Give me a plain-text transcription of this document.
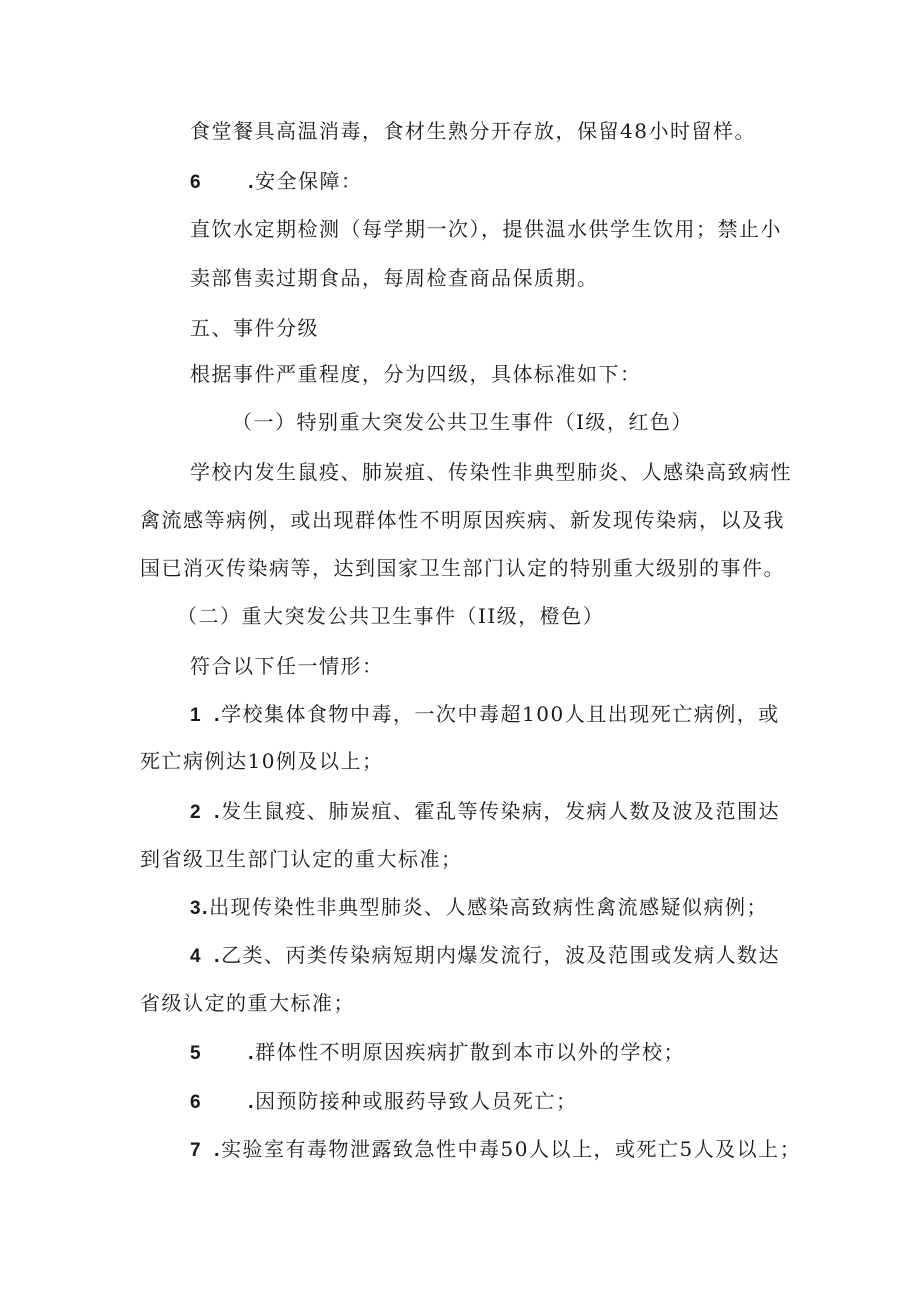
食堂餐具高温消毒，食材生熟分开存放，保留48小时留样。
6 .安全保障：
直饮水定期检测（每学期一次），提供温水供学生饮用；禁止小
卖部售卖过期食品，每周检查商品保质期。
五、事件分级
根据事件严重程度，分为四级，具体标准如下：
（一）特别重大突发公共卫生事件（I级，红色）
学校内发生鼠疫、肺炭疽、传染性非典型肺炎、人感染高致病性
禽流感等病例，或出现群体性不明原因疾病、新发现传染病，以及我
国已消灭传染病等，达到国家卫生部门认定的特别重大级别的事件。
（二）重大突发公共卫生事件（II级，橙色）
符合以下任一情形：
1 .学校集体食物中毒，一次中毒超100人且出现死亡病例，或
死亡病例达10例及以上；
2 .发生鼠疫、肺炭疽、霍乱等传染病，发病人数及波及范围达
到省级卫生部门认定的重大标准；
3.出现传染性非典型肺炎、人感染高致病性禽流感疑似病例；
4 .乙类、丙类传染病短期内爆发流行，波及范围或发病人数达
省级认定的重大标准；
5 .群体性不明原因疾病扩散到本市以外的学校；
6 .因预防接种或服药导致人员死亡；
7 .实验室有毒物泄露致急性中毒50人以上，或死亡5人及以上；
